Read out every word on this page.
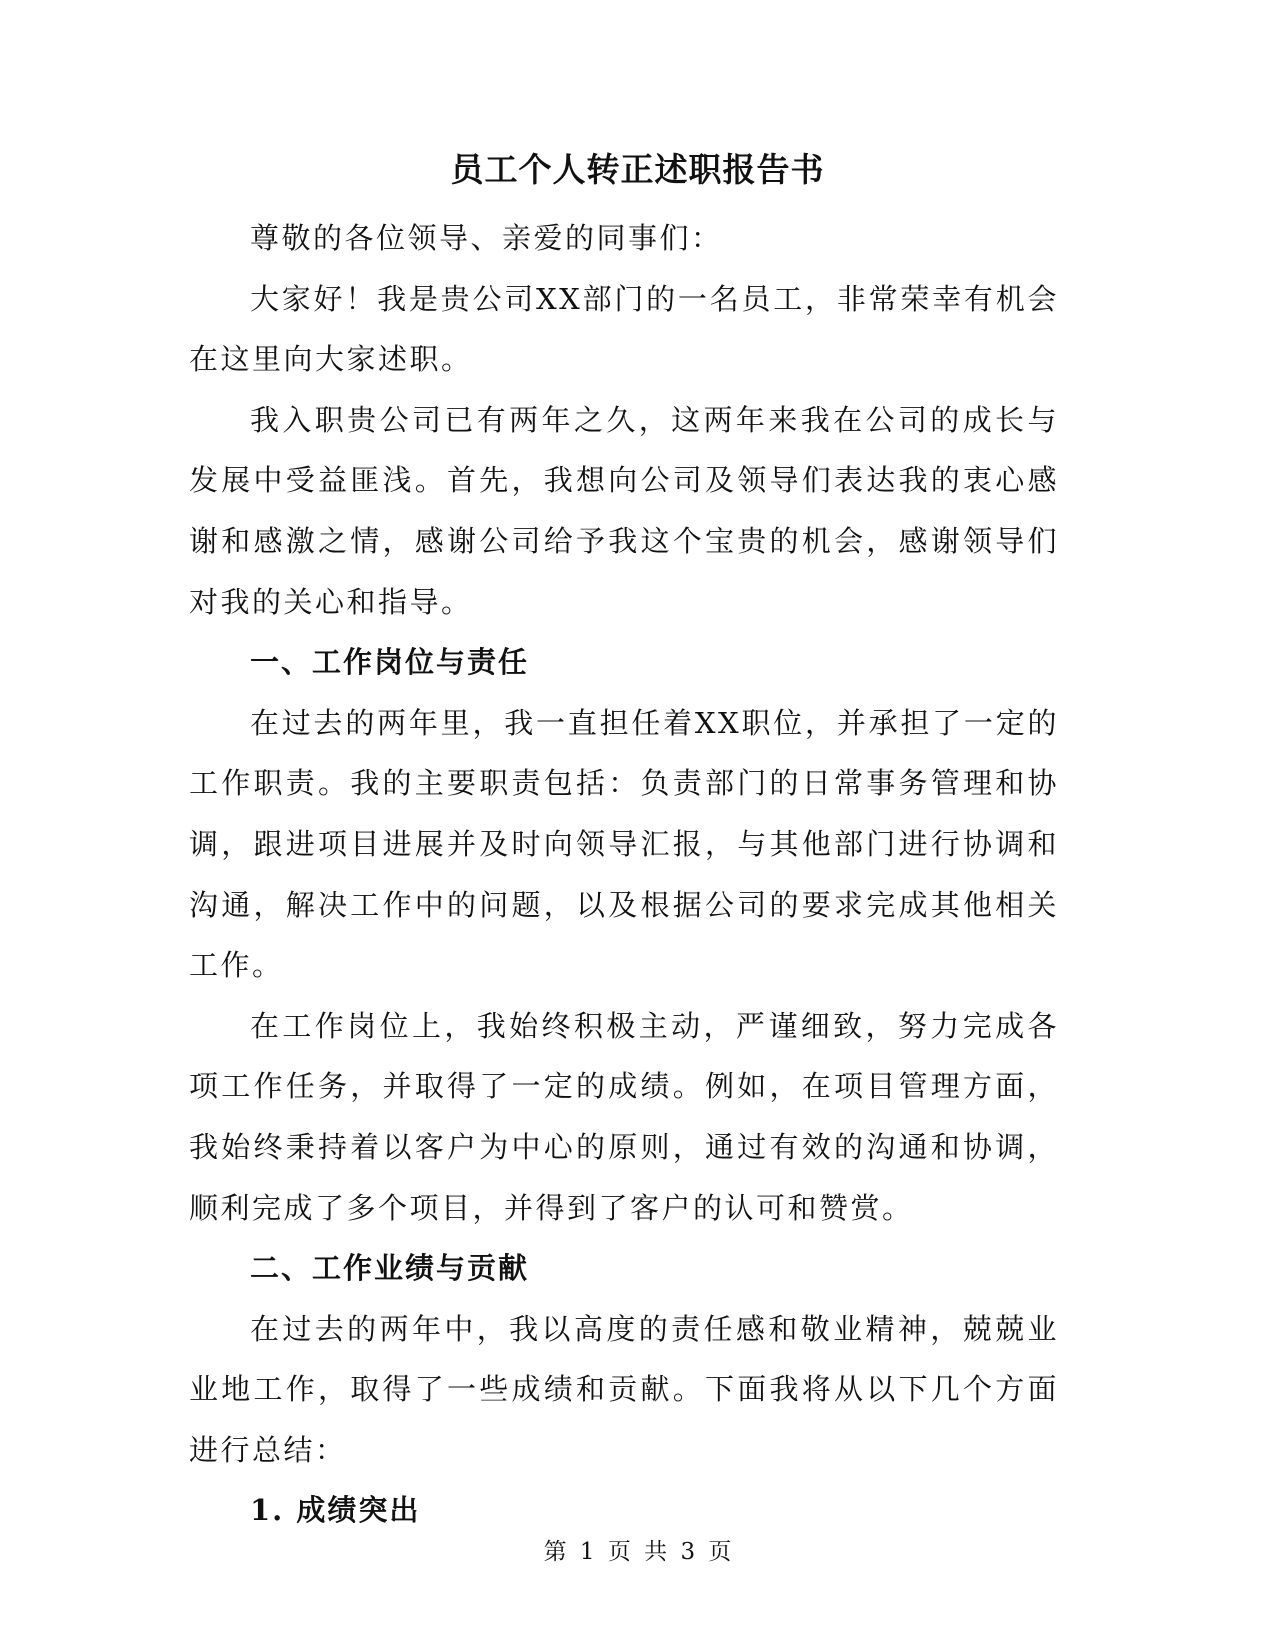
员工个人转正述职报告书

尊敬的各位领导、亲爱的同事们：

大家好！我是贵公司XX部门的一名员工，非常荣幸有机会在这里向大家述职。

我入职贵公司已有两年之久，这两年来我在公司的成长与发展中受益匪浅。首先，我想向公司及领导们表达我的衷心感谢和感激之情，感谢公司给予我这个宝贵的机会，感谢领导们对我的关心和指导。

一、工作岗位与责任

在过去的两年里，我一直担任着XX职位，并承担了一定的工作职责。我的主要职责包括：负责部门的日常事务管理和协调，跟进项目进展并及时向领导汇报，与其他部门进行协调和沟通，解决工作中的问题，以及根据公司的要求完成其他相关工作。

在工作岗位上，我始终积极主动，严谨细致，努力完成各项工作任务，并取得了一定的成绩。例如，在项目管理方面，我始终秉持着以客户为中心的原则，通过有效的沟通和协调，顺利完成了多个项目，并得到了客户的认可和赞赏。

二、工作业绩与贡献

在过去的两年中，我以高度的责任感和敬业精神，兢兢业业地工作，取得了一些成绩和贡献。下面我将从以下几个方面进行总结：

1. 成绩突出

第 1 页 共 3 页
